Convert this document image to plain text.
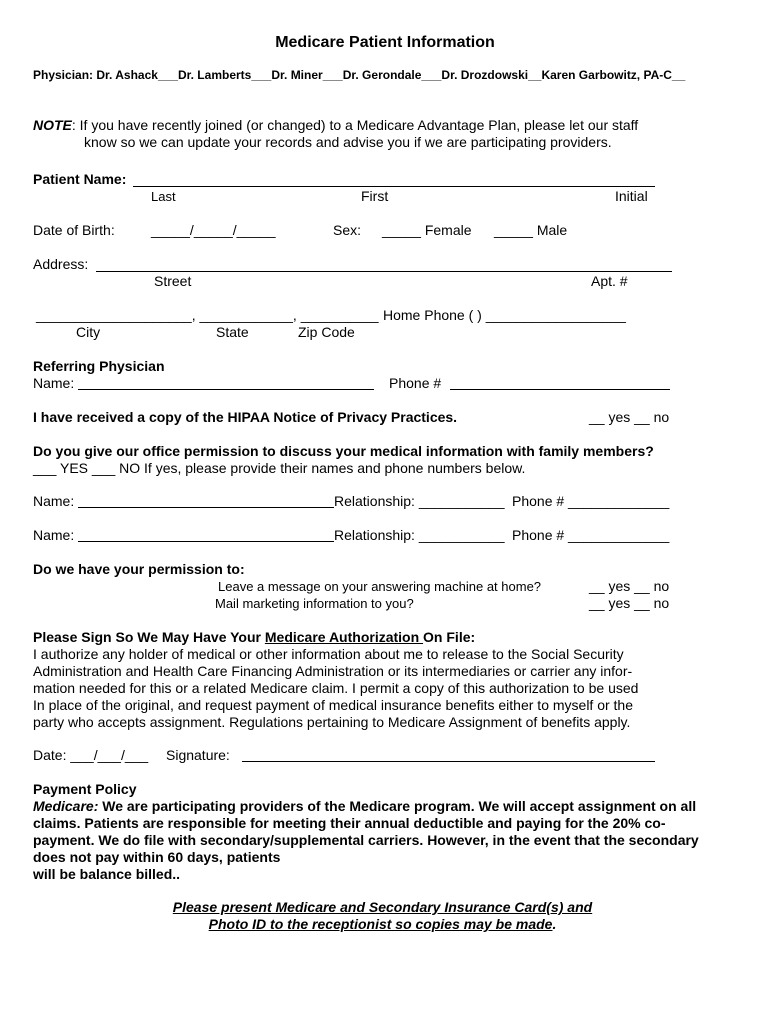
Medicare Patient Information
Physician: Dr. Ashack___Dr. Lamberts___Dr. Miner___Dr. Gerondale___Dr. Drozdowski__Karen Garbowitz, PA-C__
NOTE: If you have recently joined (or changed) to a Medicare Advantage Plan, please let our staff
know so we can update your records and advise you if we are participating providers.
Patient Name:
Last	First	Initial
Date of Birth:	_____/_____/_____	Sex: _____ Female _____ Male
Address:
Street	Apt. #
____________________, ____________, __________ Home Phone ( ) __________________
City	State	Zip Code
Referring Physician
Name:	Phone #
I have received a copy of the HIPAA Notice of Privacy Practices.	__ yes __ no
Do you give our office permission to discuss your medical information with family members?
___ YES ___ NO If yes, please provide their names and phone numbers below.
Name:	Relationship: ___________ Phone # _____________
Name:	Relationship: ___________ Phone # _____________
Do we have your permission to:
Leave a message on your answering machine at home?	__ yes __ no
Mail marketing information to you?	__ yes __ no
Please Sign So We May Have Your Medicare Authorization On File:
I authorize any holder of medical or other information about me to release to the Social Security
Administration and Health Care Financing Administration or its intermediaries or carrier any infor-
mation needed for this or a related Medicare claim. I permit a copy of this authorization to be used
In place of the original, and request payment of medical insurance benefits either to myself or the
party who accepts assignment. Regulations pertaining to Medicare Assignment of benefits apply.
Date: ___/___/___ Signature:
Payment Policy
Medicare: We are participating providers of the Medicare program. We will accept assignment on all
claims. Patients are responsible for meeting their annual deductible and paying for the 20% co-
payment. We do file with secondary/supplemental carriers. However, in the event that the secondary
does not pay within 60 days, patients
will be balance billed..
Please present Medicare and Secondary Insurance Card(s) and
Photo ID to the receptionist so copies may be made.
